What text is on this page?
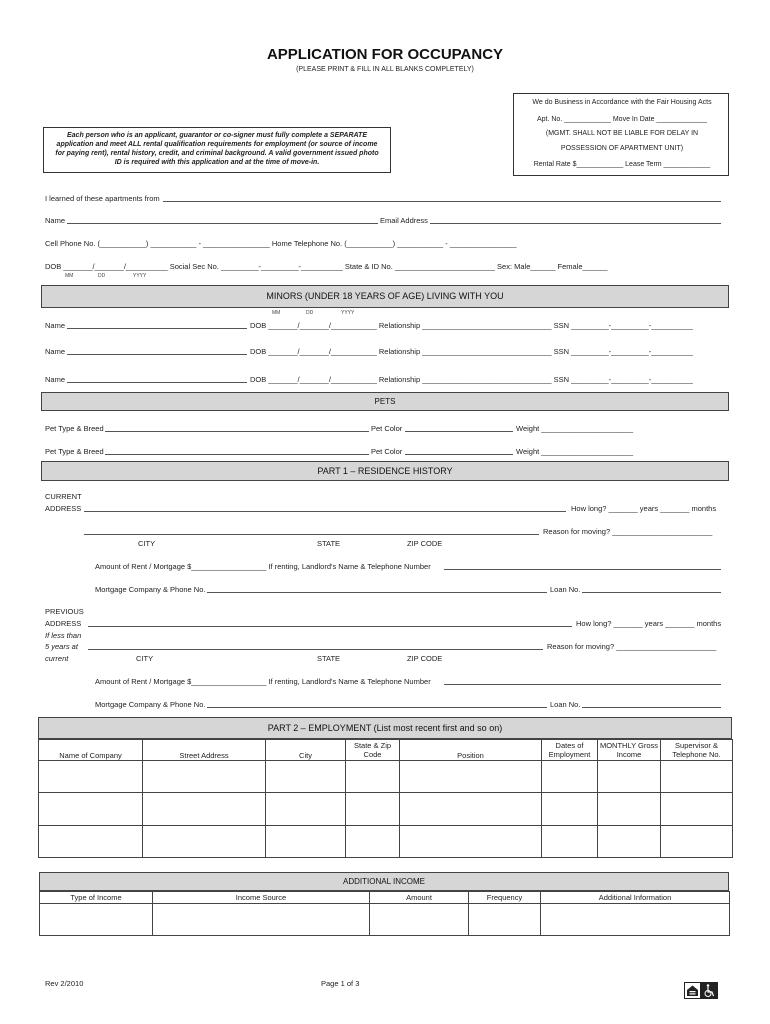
APPLICATION FOR OCCUPANCY
(PLEASE PRINT & FILL IN ALL BLANKS COMPLETELY)
We do Business in Accordance with the Fair Housing Acts
Apt. No. ____________ Move In Date _____________
(MGMT. SHALL NOT BE LIABLE FOR DELAY IN
POSSESSION OF APARTMENT UNIT)
Rental Rate $____________ Lease Term ____________
Each person who is an applicant, guarantor or co-signer must fully complete a SEPARATE application and meet ALL rental qualification requirements for employment (or source of income for paying rent), rental history, credit, and criminal background. A valid government issued photo ID is required with this application and at the time of move-in.
I learned of these apartments from
Name	Email Address
Cell Phone No. (___________) ___________ - ________________ Home Telephone No. (___________) ___________ - ________________
DOB _______/_______/__________ Social Sec No. _________-_________-__________ State & ID No. ________________________ Sex: Male______ Female______
MM	DD	YYYY
MINORS (UNDER 18 YEARS OF AGE) LIVING WITH YOU
MM	DD	YYYY
Name	DOB _______/_______/___________ Relationship _______________________________ SSN _________-_________-__________
Name	DOB _______/_______/___________ Relationship _______________________________ SSN _________-_________-__________
Name	DOB _______/_______/___________ Relationship _______________________________ SSN _________-_________-__________
PETS
Pet Type & Breed	Pet Color	Weight ______________________
Pet Type & Breed	Pet Color	Weight ______________________
PART 1 – RESIDENCE HISTORY
CURRENT
ADDRESS	How long? _______ years _______ months
Reason for moving? ________________________
CITY	STATE	ZIP CODE
Amount of Rent / Mortgage $__________________ If renting, Landlord's Name & Telephone Number
Mortgage Company & Phone No.	Loan No.
PREVIOUS
ADDRESS	How long? _______ years _______ months
If less than
5 years at	Reason for moving? ________________________
current	CITY	STATE	ZIP CODE
Amount of Rent / Mortgage $__________________ If renting, Landlord's Name & Telephone Number
Mortgage Company & Phone No.	Loan No.
PART 2 – EMPLOYMENT (List most recent first and so on)
Name of Company	Street Address	City	State & Zip Code	Position	Dates of Employment	MONTHLY Gross Income	Supervisor & Telephone No.

ADDITIONAL INCOME
Type of Income	Income Source	Amount	Frequency	Additional Information

Rev 2/2010	Page 1 of 3
